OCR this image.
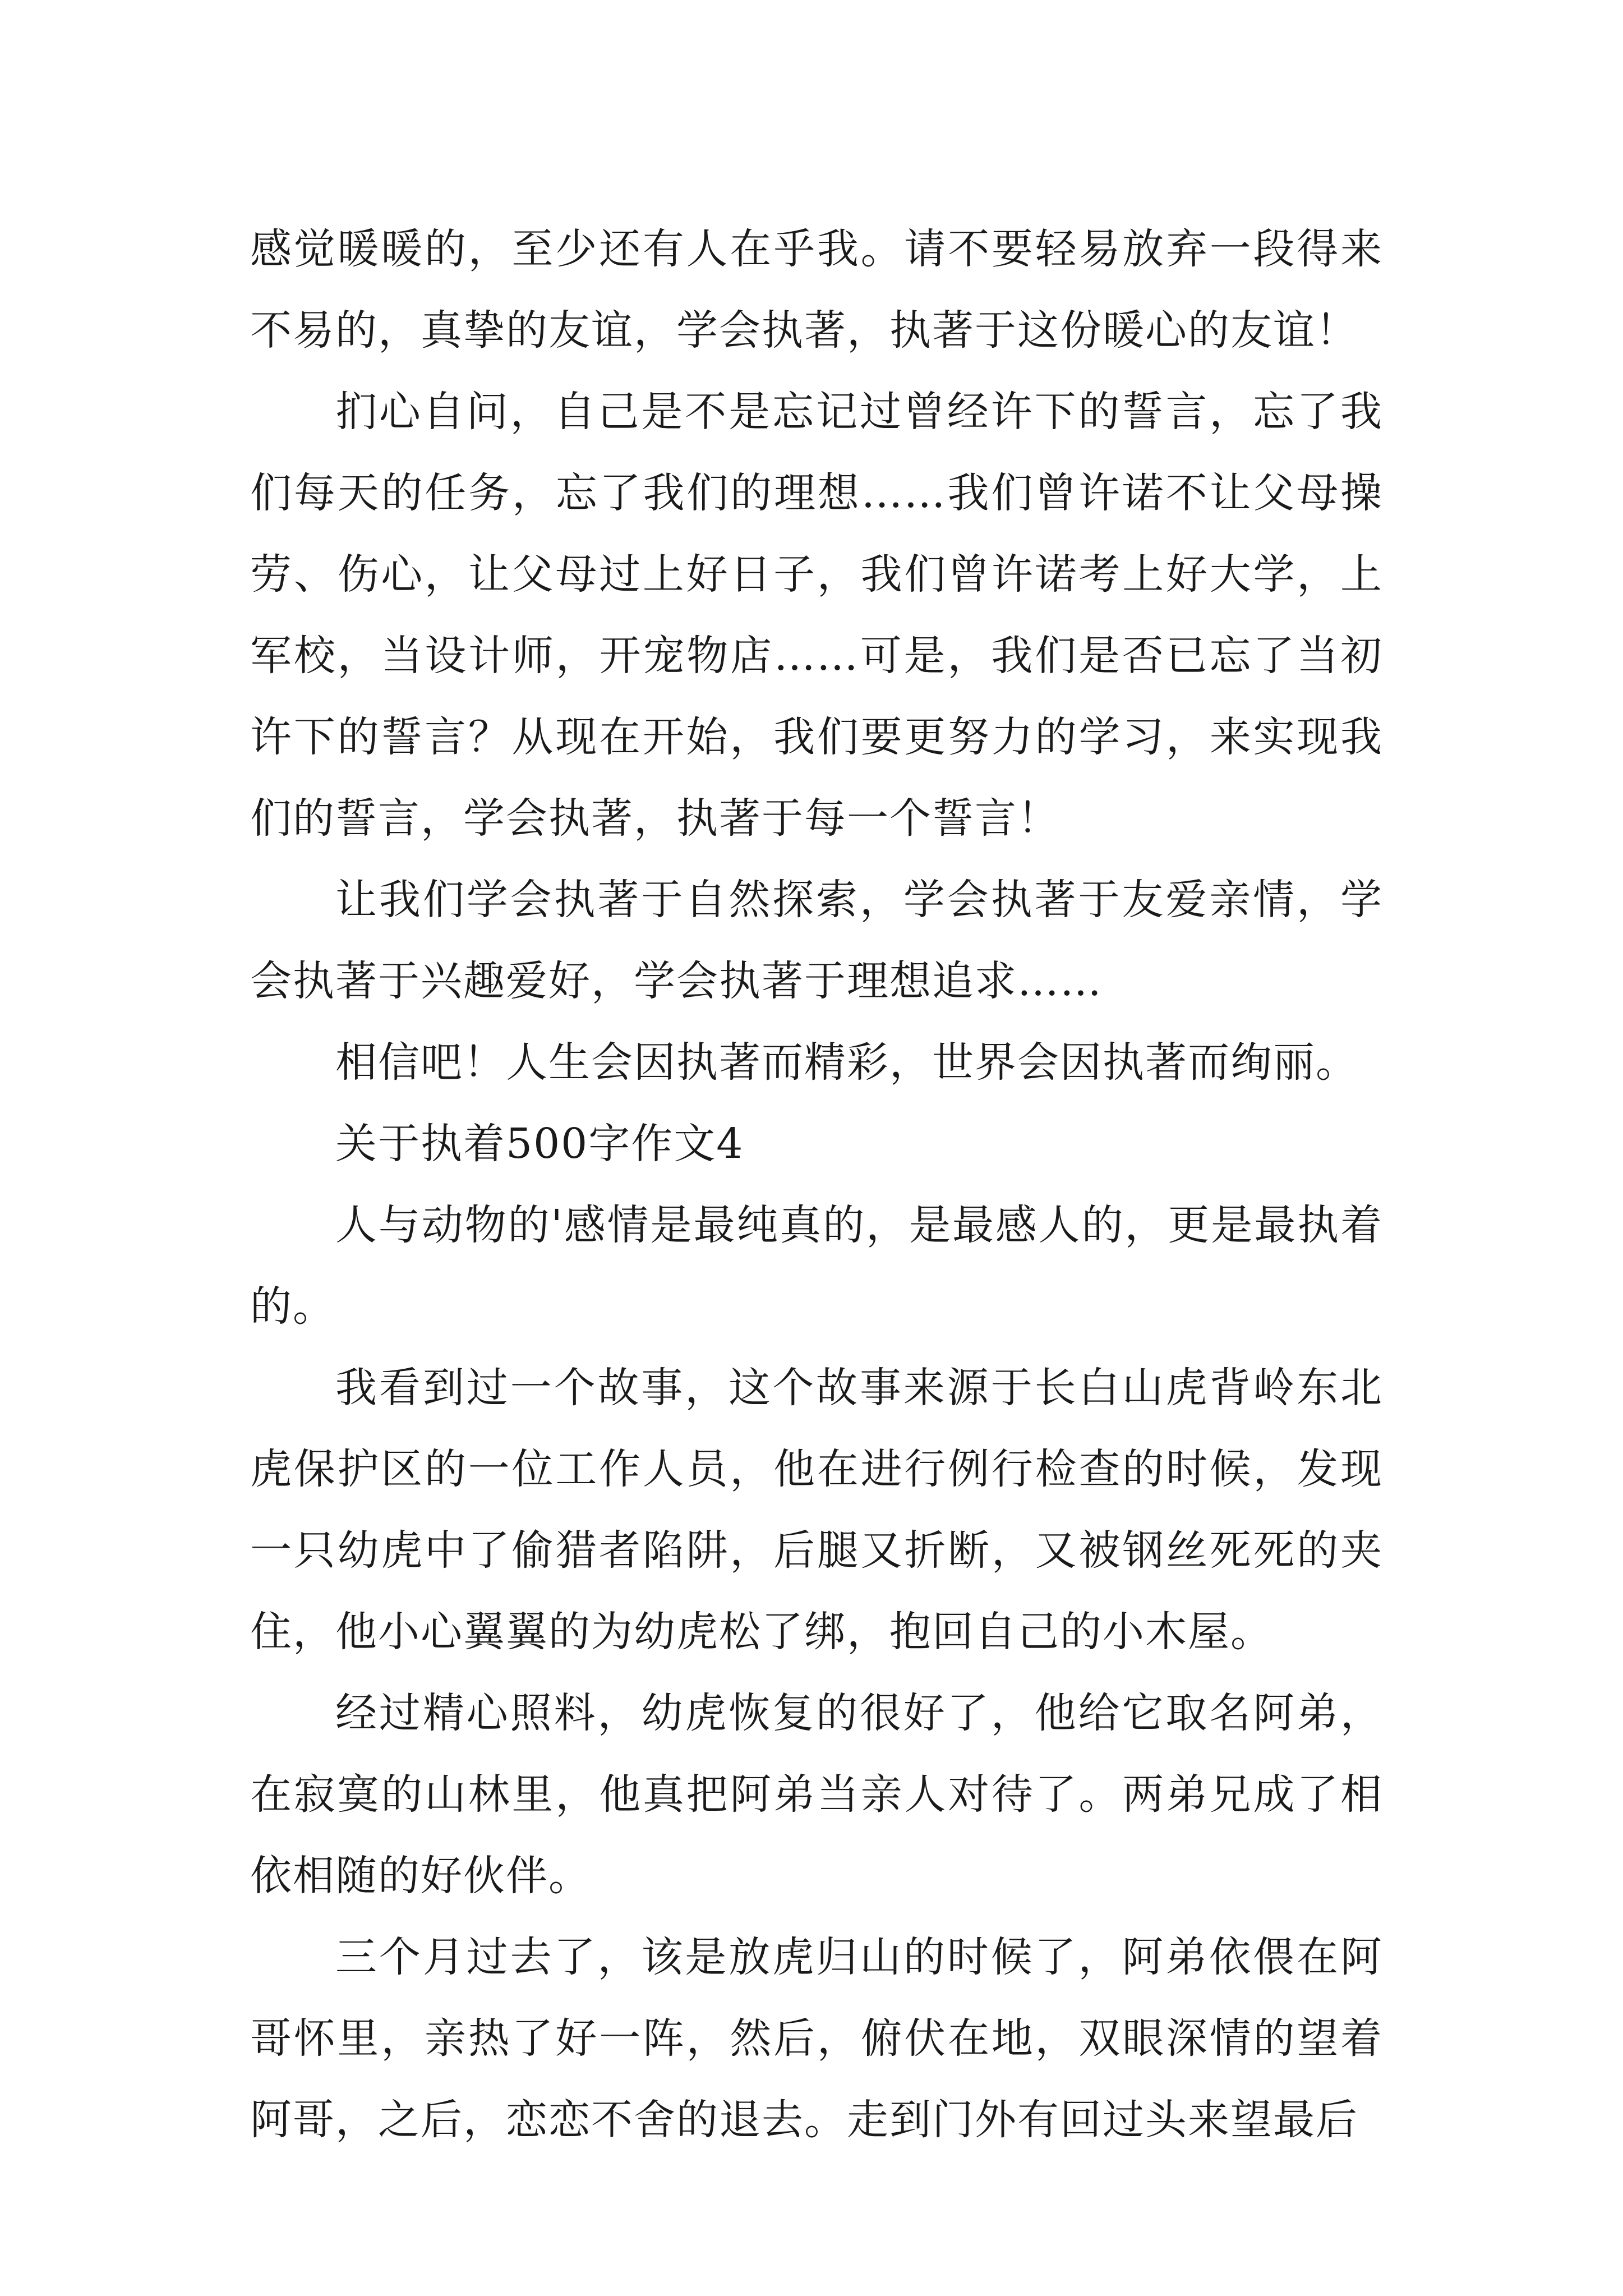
感觉暖暖的，至少还有人在乎我。请不要轻易放弃一段得来不易的，真挚的友谊，学会执著，执著于这份暖心的友谊！

扪心自问，自己是不是忘记过曾经许下的誓言，忘了我们每天的任务，忘了我们的理想……我们曾许诺不让父母操劳、伤心，让父母过上好日子，我们曾许诺考上好大学，上军校，当设计师，开宠物店……可是，我们是否已忘了当初许下的誓言？从现在开始，我们要更努力的学习，来实现我们的誓言，学会执著，执著于每一个誓言！

让我们学会执著于自然探索，学会执著于友爱亲情，学会执著于兴趣爱好，学会执著于理想追求……

相信吧！人生会因执著而精彩，世界会因执著而绚丽。

关于执着500字作文4

人与动物的'感情是最纯真的，是最感人的，更是最执着的。

我看到过一个故事，这个故事来源于长白山虎背岭东北虎保护区的一位工作人员，他在进行例行检查的时候，发现一只幼虎中了偷猎者陷阱，后腿又折断，又被钢丝死死的夹住，他小心翼翼的为幼虎松了绑，抱回自己的小木屋。

经过精心照料，幼虎恢复的很好了，他给它取名阿弟，在寂寞的山林里，他真把阿弟当亲人对待了。两弟兄成了相依相随的好伙伴。

三个月过去了，该是放虎归山的时候了，阿弟依偎在阿哥怀里，亲热了好一阵，然后，俯伏在地，双眼深情的望着阿哥，之后，恋恋不舍的退去。走到门外有回过头来望最后
